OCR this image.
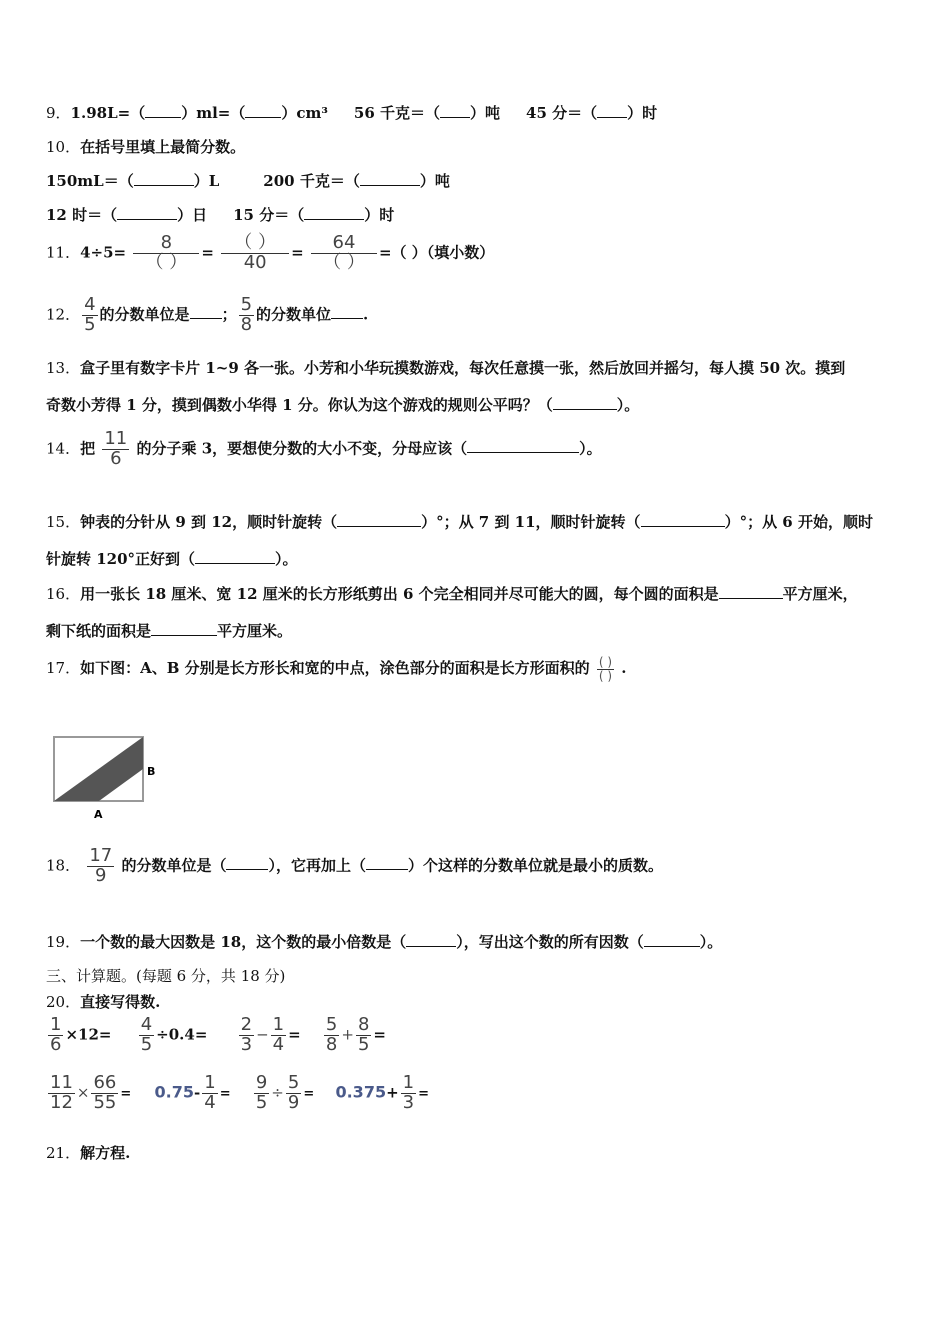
9．1.98L=（ ）ml=（ ）cm³ 56 千克＝（ ）吨 45 分＝（ ）时
10．在括号里填上最简分数。
150mL＝（	）L	200 千克＝（	）吨
12 时＝（	）日 15 分＝（	）时
11．$4\div 5= \frac{8}{( )} = \frac{( )}{40} = \frac{64}{( )}$ =（ ）（填小数）
12． $\frac{4}{5}$ 的分数单位是 ； $\frac{5}{8}$ 的分数单位 .
13．盒子里有数字卡片 1~9 各一张。小芳和小华玩摸数游戏，每次任意摸一张，然后放回并摇匀，每人摸 50 次。摸到
奇数小芳得 1 分，摸到偶数小华得 1 分。你认为这个游戏的规则公平吗？（	）。
14．把 $\frac{11}{6}$ 的分子乘 3，要想使分数的大小不变，分母应该（	）。
15．钟表的分针从 9 到 12，顺时针旋转（	）°；从 7 到 11，顺时针旋转（	）°；从 6 开始，顺时
针旋转 120°正好到（	）。
16．用一张长 18 厘米、宽 12 厘米的长方形纸剪出 6 个完全相同并尽可能大的圆，每个圆的面积是	平方厘米，
剩下纸的面积是	平方厘米。
17．如下图：A、B 分别是长方形长和宽的中点，涂色部分的面积是长方形面积的 $\frac{( )}{( )}$ .
B
A
18． $\frac{17}{9}$ 的分数单位是（	），它再加上（	）个这样的分数单位就是最小的质数。
19．一个数的最大因数是 18，这个数的最小倍数是（	），写出这个数的所有因数（	）。
三、计算题。(每题 6 分，共 18 分)
20．直接写得数.
$\frac{1}{6} \times 12= \frac{4}{5} \div 0.4= \frac{2}{3} - \frac{1}{4} = \frac{5}{8} + \frac{8}{5}$ =
$\frac{11}{12} \times \frac{66}{55} = 0.75- \frac{1}{4} = \frac{9}{5} \div \frac{5}{9} = 0.375+ \frac{1}{3}$ =
21．解方程.
